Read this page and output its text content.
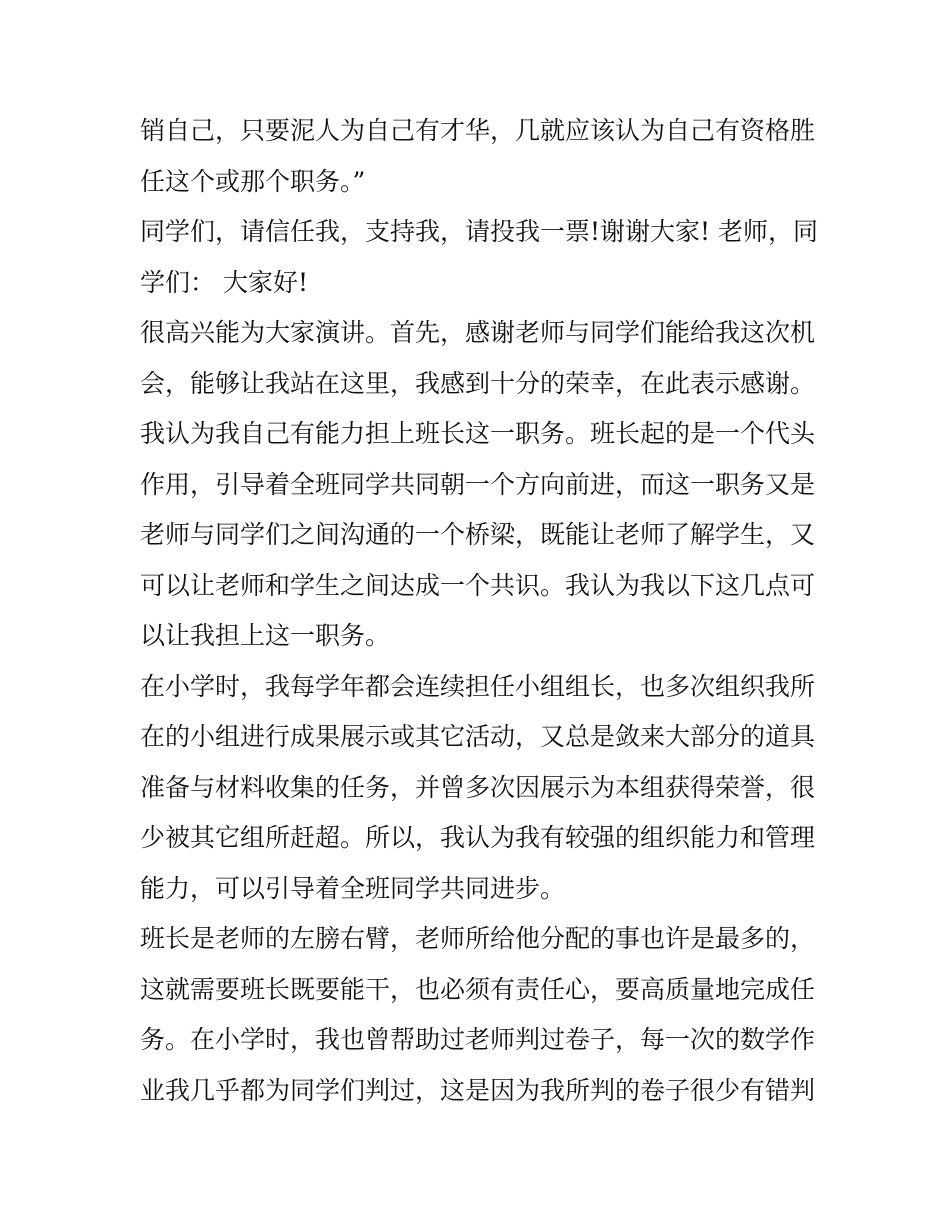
销自己，只要泥人为自己有才华，几就应该认为自己有资格胜
任这个或那个职务。”
同学们，请信任我，支持我，请投我一票!谢谢大家! 老师，同
学们： 大家好!
很高兴能为大家演讲。首先，感谢老师与同学们能给我这次机
会，能够让我站在这里，我感到十分的荣幸，在此表示感谢。
我认为我自己有能力担上班长这一职务。班长起的是一个代头
作用，引导着全班同学共同朝一个方向前进，而这一职务又是
老师与同学们之间沟通的一个桥梁，既能让老师了解学生，又
可以让老师和学生之间达成一个共识。我认为我以下这几点可
以让我担上这一职务。
在小学时，我每学年都会连续担任小组组长，也多次组织我所
在的小组进行成果展示或其它活动，又总是敛来大部分的道具
准备与材料收集的任务，并曾多次因展示为本组获得荣誉，很
少被其它组所赶超。所以，我认为我有较强的组织能力和管理
能力，可以引导着全班同学共同进步。
班长是老师的左膀右臂，老师所给他分配的事也许是最多的，
这就需要班长既要能干，也必须有责任心，要高质量地完成任
务。在小学时，我也曾帮助过老师判过卷子，每一次的数学作
业我几乎都为同学们判过，这是因为我所判的卷子很少有错判
